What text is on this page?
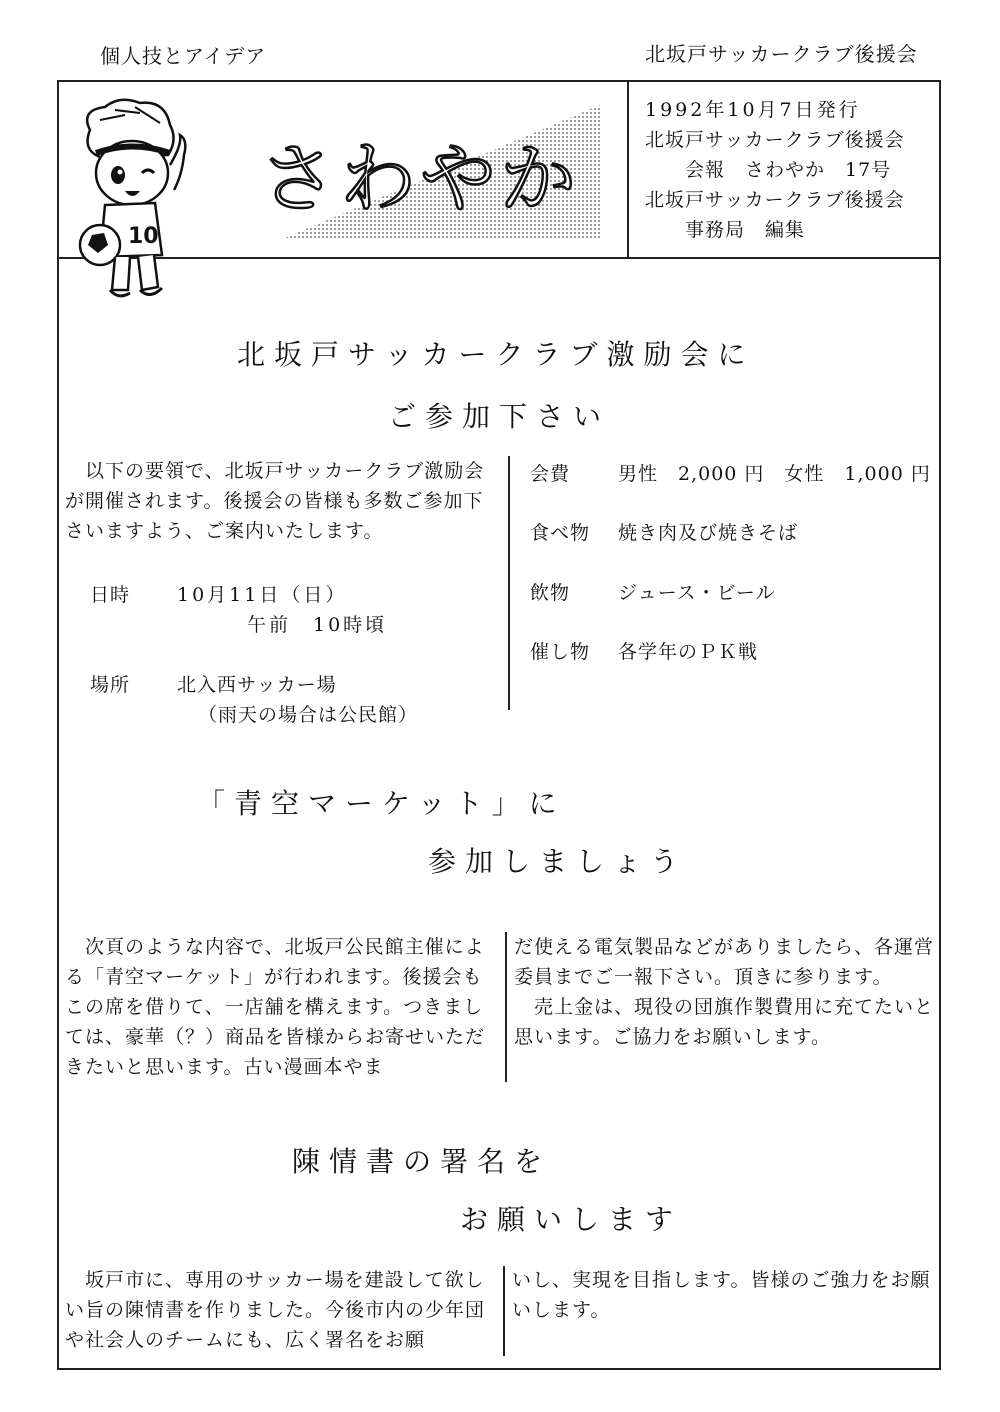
個人技とアイデア	北坂戸サッカークラブ後援会
10
さわやか
1992年10月7日発行
北坂戸サッカークラブ後援会
　会報　さわやか　17号
北坂戸サッカークラブ後援会
　事務局　編集
北坂戸サッカークラブ激励会に
ご参加下さい
　以下の要領で、北坂戸サッカークラブ激励会が開催されます。後援会の皆様も多数ご参加下さいますよう、ご案内いたします。
日時 10月11日（日）
午前　10時頃
場所 北入西サッカー場
（雨天の場合は公民館）
会費	男性　2,000 円　女性　1,000 円
食べ物 焼き肉及び焼きそば
飲物	ジュース・ビール
催し物 各学年のＰＫ戦
「青空マーケット」に
参加しましょう
　次頁のような内容で、北坂戸公民館主催による「青空マーケット」が行われます。後援会もこの席を借りて、一店舗を構えます。つきましては、豪華（？）商品を皆様からお寄せいただきたいと思います。古い漫画本やま
だ使える電気製品などがありましたら、各運営委員までご一報下さい。頂きに参ります。
　売上金は、現役の団旗作製費用に充てたいと思います。ご協力をお願いします。
陳情書の署名を
お願いします
　坂戸市に、専用のサッカー場を建設して欲しい旨の陳情書を作りました。今後市内の少年団や社会人のチームにも、広く署名をお願
いし、実現を目指します。皆様のご強力をお願いします。
